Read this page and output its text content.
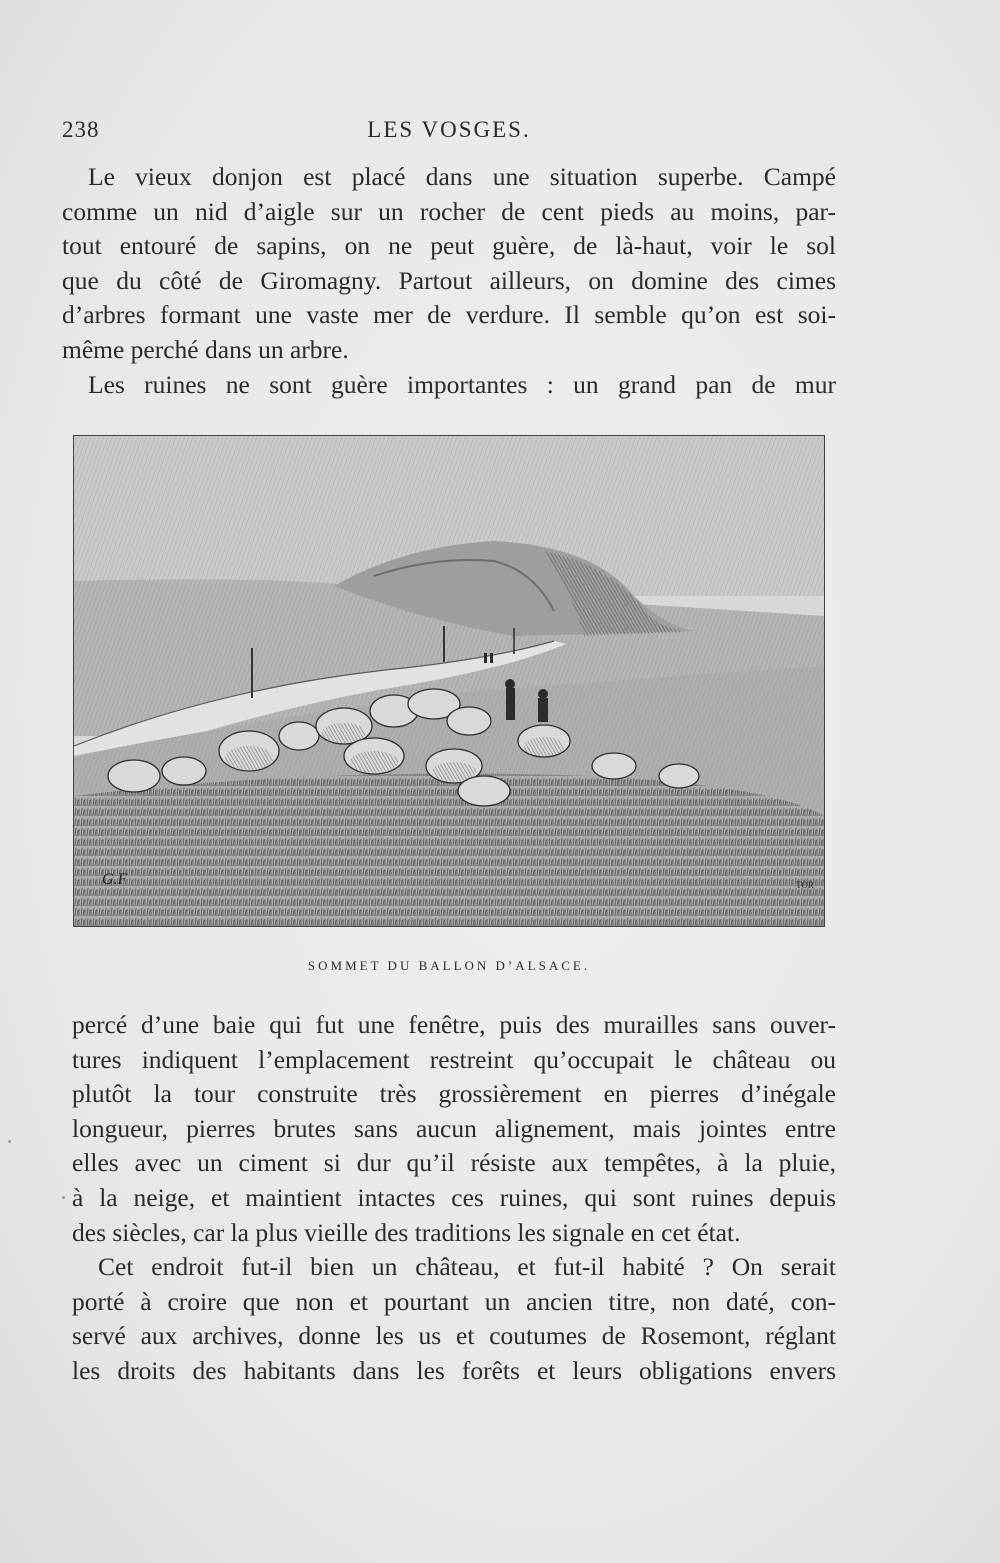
238	LES VOSGES.
Le vieux donjon est placé dans une situation superbe. Campé
comme un nid d’aigle sur un rocher de cent pieds au moins, par-
tout entouré de sapins, on ne peut guère, de là-haut, voir le sol
que du côté de Giromagny. Partout ailleurs, on domine des cimes
d’arbres formant une vaste mer de verdure. Il semble qu’on est soi-
même perché dans un arbre.
Les ruines ne sont guère importantes : un grand pan de mur
G.F	TOR
SOMMET DU BALLON D’ALSACE.
percé d’une baie qui fut une fenêtre, puis des murailles sans ouver-
tures indiquent l’emplacement restreint qu’occupait le château ou
plutôt la tour construite très grossièrement en pierres d’inégale
longueur, pierres brutes sans aucun alignement, mais jointes entre
elles avec un ciment si dur qu’il résiste aux tempêtes, à la pluie,
à la neige, et maintient intactes ces ruines, qui sont ruines depuis
des siècles, car la plus vieille des traditions les signale en cet état.
Cet endroit fut-il bien un château, et fut-il habité ? On serait
porté à croire que non et pourtant un ancien titre, non daté, con-
servé aux archives, donne les us et coutumes de Rosemont, réglant
les droits des habitants dans les forêts et leurs obligations envers
